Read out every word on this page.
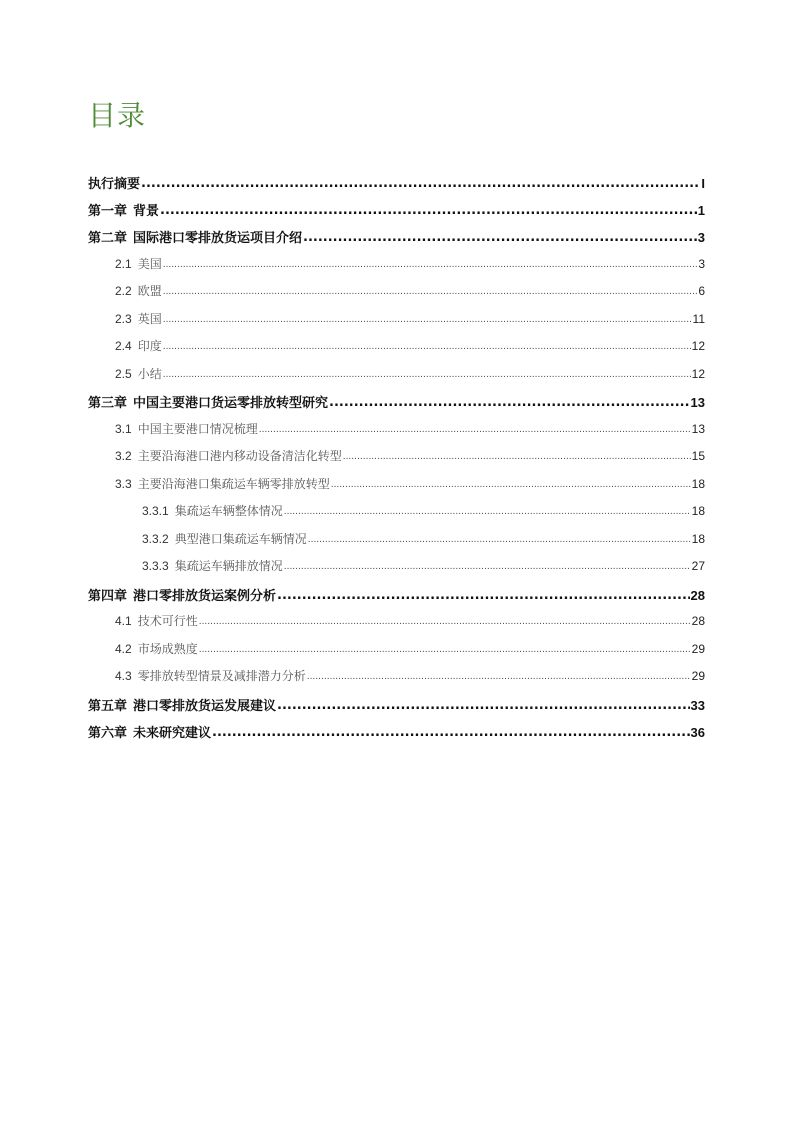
目录
执行摘要 .....	I
第一章 背景 .....	1
第二章 国际港口零排放货运项目介绍 .....	3
2.1 美国 .....	3
2.2 欧盟 .....	6
2.3 英国 .....	11
2.4 印度 .....	12
2.5 小结 .....	12
第三章 中国主要港口货运零排放转型研究 .....	13
3.1 中国主要港口情况梳理 .....	13
3.2 主要沿海港口港内移动设备清洁化转型 .....	15
3.3 主要沿海港口集疏运车辆零排放转型 .....	18
3.3.1 集疏运车辆整体情况 .....	18
3.3.2 典型港口集疏运车辆情况 .....	18
3.3.3 集疏运车辆排放情况 .....	27
第四章 港口零排放货运案例分析 .....	28
4.1 技术可行性 .....	28
4.2 市场成熟度 .....	29
4.3 零排放转型情景及减排潜力分析 .....	29
第五章 港口零排放货运发展建议 .....	33
第六章 未来研究建议 .....	36
